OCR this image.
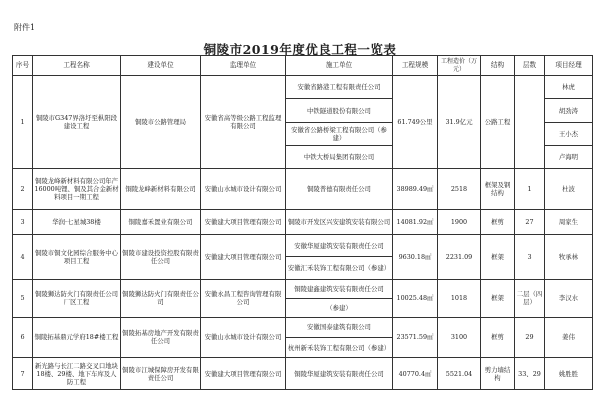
附件1
铜陵市2019年度优良工程一览表
序号	工程名称	建设单位	监理单位	施工单位	工程规模	工程造价（万元）	结构	层数	项目经理
1	铜陵市G347界洛圩至枞阳段建设工程	铜陵市公路管理局	安徽省高等级公路工程监理有限公司	安徽省路港工程有限责任公司	61.749公里	31.9亿元	公路工程		林虎
				中铁隧道股份有限公司					胡劲涛
				安徽省公路桥梁工程有限公司（参建）					王小杰
				中铁大桥局集团有限公司					卢海明
2	铜陵龙峰新材料有限公司年产16000吨锂、铜及其合金新材料项目一期工程	铜陵龙峰新材料有限公司	安徽山水城市设计有限公司	铜陵普德有限责任公司	38989.49㎡	2518	框架及钢结构	1	杜波
3	华润·七星城38楼	铜陵嘉禾置业有限公司	安徽建大项目管理有限公司	铜陵市开发区兴安建筑安装有限公司	14081.92㎡	1900	框剪	27	周家生
4	铜陵市铜文化园综合服务中心项目工程	铜陵市建设投资控股有限责任公司	安徽建大项目管理有限公司	安徽华厦建筑安装有限责任公司	9630.18㎡	2231.09	框架	3	牧承林
				安徽汇禾装饰工程有限公司（参建）					
5	铜陵狮达防火门有限责任公司厂区工程	铜陵狮达防火门有限责任公司	安徽永昌工程咨询管理有限公司	铜陵建鑫建筑安装有限责任公司	10025.48㎡	1018	框架	二层（四层）	李汉水
				（参建）					
6	铜陵拓基鼎元学府18#楼工程	铜陵拓基房地产开发有限责任公司	安徽山水城市设计有限公司	安徽国泰建筑有限公司	23571.59㎡	3100	框剪	29	姜伟
				杭州新禾装饰工程有限公司（参建）					
7	新光路与长江二路交叉口地块18楼、29楼、地下车库及人防工程	铜陵市江城保障房开发有限责任公司	安徽建大项目管理有限公司	铜陵华厦建筑安装有限责任公司	40770.4㎡	5521.04	剪力墙结构	33、29	姚胜胜
